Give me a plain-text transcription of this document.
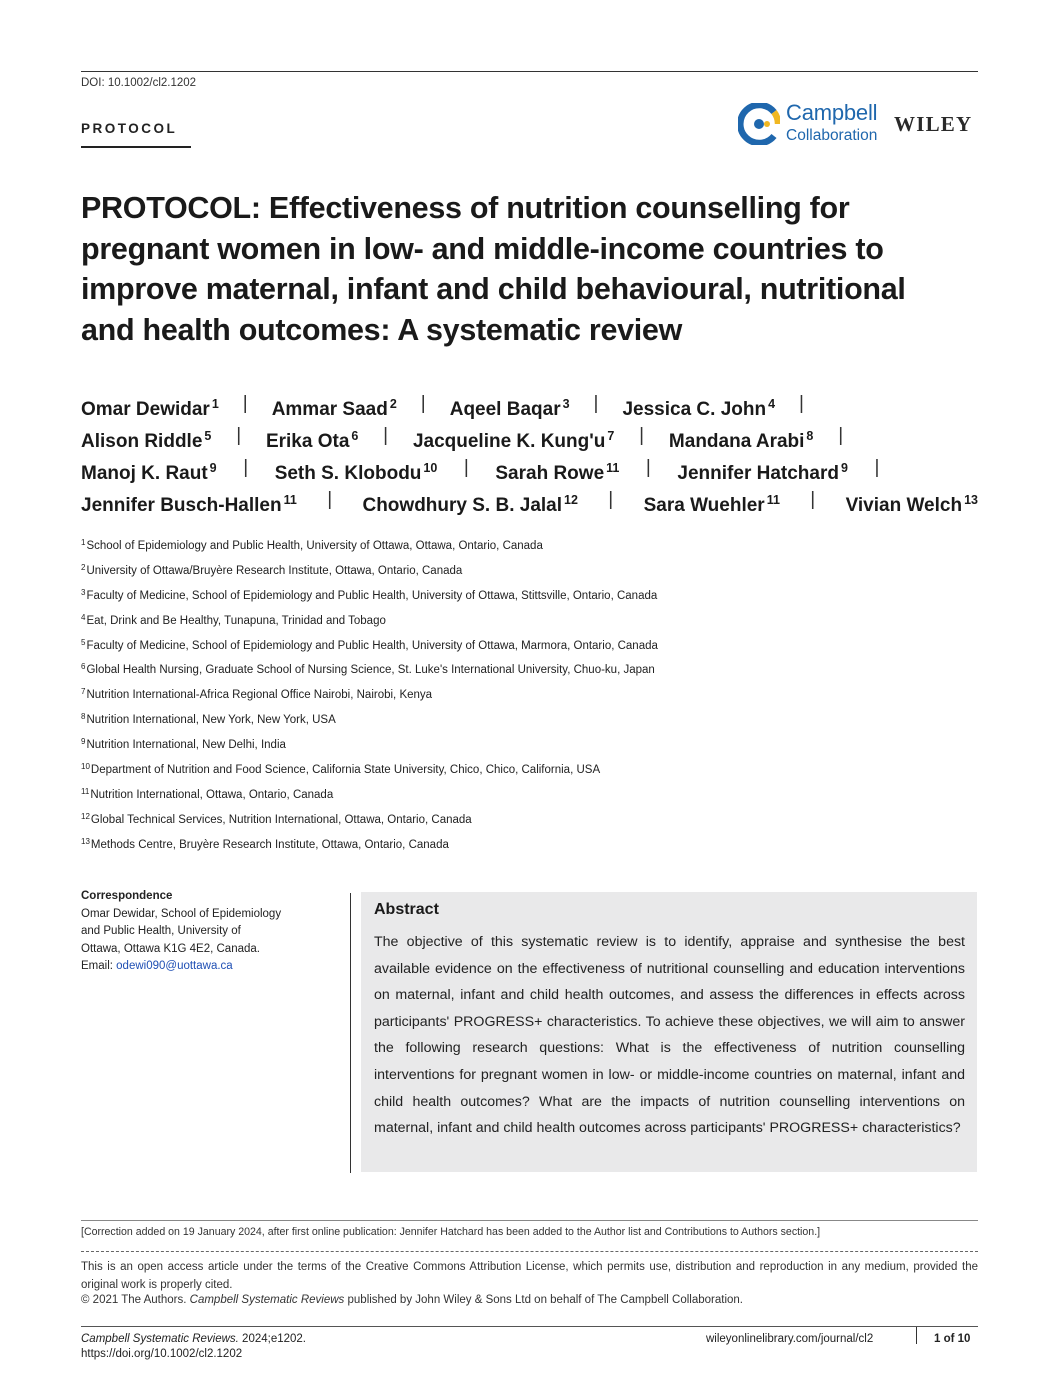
DOI: 10.1002/cl2.1202
PROTOCOL
Campbell
Collaboration WILEY
PROTOCOL: Effectiveness of nutrition counselling for pregnant women in low- and middle-income countries to improve maternal, infant and child behavioural, nutritional and health outcomes: A systematic review
Omar Dewidar $^1$ | Ammar Saad $^2$ | Aqeel Baqar $^3$ | Jessica C. John $^4$ |
Alison Riddle $^5$ | Erika Ota $^6$ | Jacqueline K. Kung'u $^7$ | Mandana Arabi $^8$ |
Manoj K. Raut $^9$ | Seth S. Klobodu $^{10}$ | Sarah Rowe $^{11}$ | Jennifer Hatchard $^9$ |
Jennifer Busch-Hallen $^{11}$ | Chowdhury S. B. Jalal $^{12}$ | Sara Wuehler $^{11}$ | Vivian Welch $^{13}$
$^1$School of Epidemiology and Public Health, University of Ottawa, Ottawa, Ontario, Canada
$^2$University of Ottawa/Bruyère Research Institute, Ottawa, Ontario, Canada
$^3$Faculty of Medicine, School of Epidemiology and Public Health, University of Ottawa, Stittsville, Ontario, Canada
$^4$Eat, Drink and Be Healthy, Tunapuna, Trinidad and Tobago
$^5$Faculty of Medicine, School of Epidemiology and Public Health, University of Ottawa, Marmora, Ontario, Canada
$^6$Global Health Nursing, Graduate School of Nursing Science, St. Luke's International University, Chuo-ku, Japan
$^7$Nutrition International-Africa Regional Office Nairobi, Nairobi, Kenya
$^8$Nutrition International, New York, New York, USA
$^9$Nutrition International, New Delhi, India
$^{10}$Department of Nutrition and Food Science, California State University, Chico, Chico, California, USA
$^{11}$Nutrition International, Ottawa, Ontario, Canada
$^{12}$Global Technical Services, Nutrition International, Ottawa, Ontario, Canada
$^{13}$Methods Centre, Bruyère Research Institute, Ottawa, Ontario, Canada
Correspondence
Omar Dewidar, School of Epidemiology
and Public Health, University of
Ottawa, Ottawa K1G 4E2, Canada.
Email: odewi090@uottawa.ca
Abstract
The objective of this systematic review is to identify, appraise and synthesise the best available evidence on the effectiveness of nutritional counselling and education interventions on maternal, infant and child health outcomes, and assess the differences in effects across participants' PROGRESS+ characteristics. To achieve these objectives, we will aim to answer the following research questions: What is the effectiveness of nutrition counselling interventions for pregnant women in low- or middle-income countries on maternal, infant and child health outcomes? What are the impacts of nutrition counselling interventions on maternal, infant and child health outcomes across participants' PROGRESS+ characteristics?
[Correction added on 19 January 2024, after first online publication: Jennifer Hatchard has been added to the Author list and Contributions to Authors section.]
This is an open access article under the terms of the Creative Commons Attribution License, which permits use, distribution and reproduction in any medium, provided the original work is properly cited.
© 2021 The Authors. Campbell Systematic Reviews published by John Wiley & Sons Ltd on behalf of The Campbell Collaboration.
Campbell Systematic Reviews. 2024;e1202.
https://doi.org/10.1002/cl2.1202
wileyonlinelibrary.com/journal/cl2	1 of 10
